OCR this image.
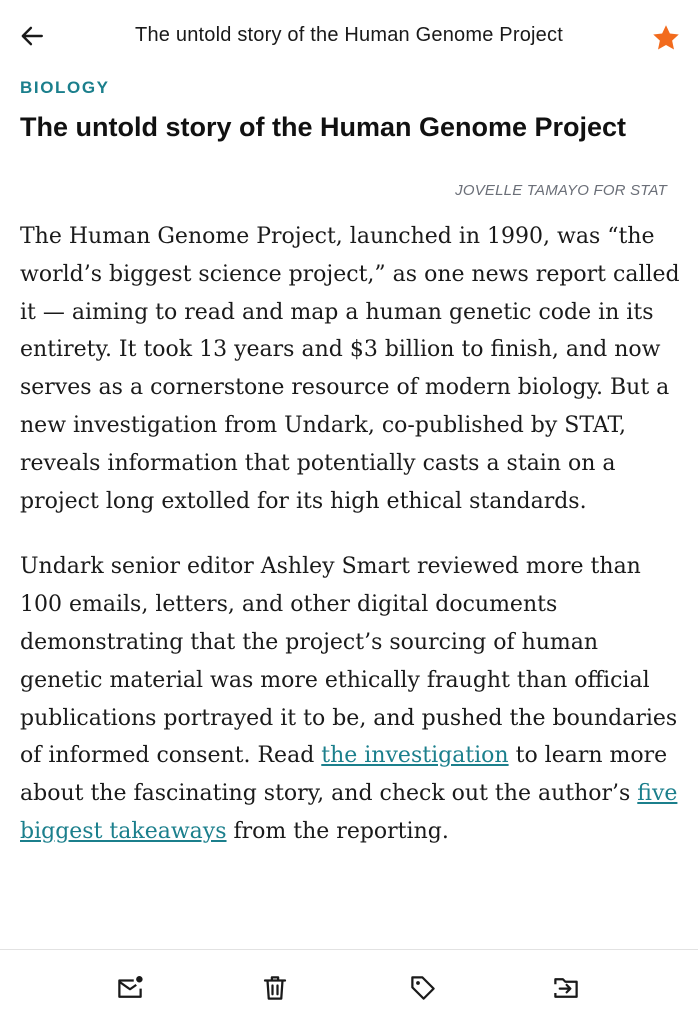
The untold story of the Human Genome Project
BIOLOGY
The untold story of the Human Genome Project
JOVELLE TAMAYO FOR STAT

The Human Genome Project, launched in 1990, was “the world’s biggest science project,” as one news report called it — aiming to read and map a human genetic code in its entirety. It took 13 years and $3 billion to finish, and now serves as a cornerstone resource of modern biology. But a new investigation from Undark, co-published by STAT, reveals information that potentially casts a stain on a project long extolled for its high ethical standards.

Undark senior editor Ashley Smart reviewed more than 100 emails, letters, and other digital documents demonstrating that the project’s sourcing of human genetic material was more ethically fraught than official publications portrayed it to be, and pushed the boundaries of informed consent. Read the investigation to learn more about the fascinating story, and check out the author’s five biggest takeaways from the reporting.
